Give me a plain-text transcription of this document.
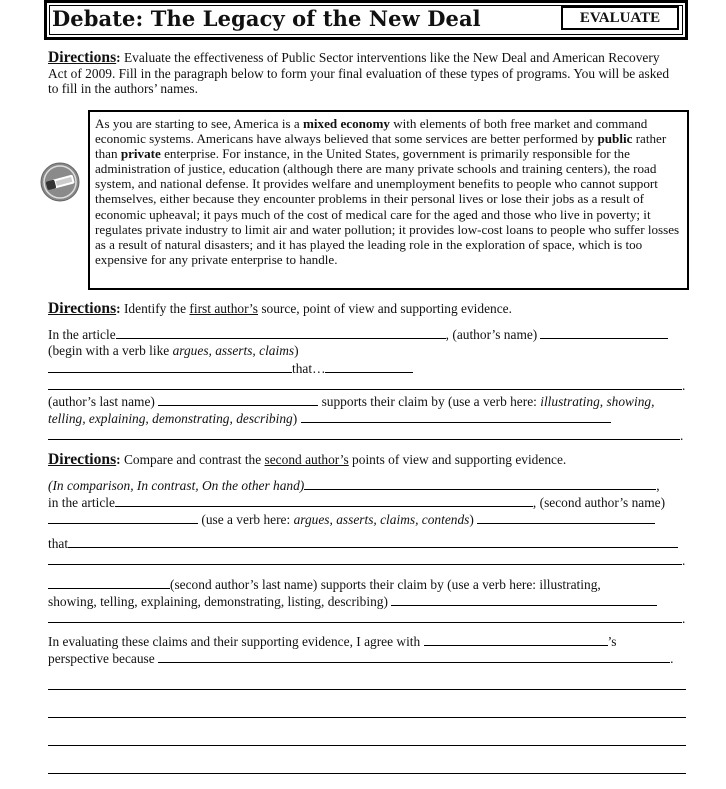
Debate: The Legacy of the New Deal	EVALUATE

Directions: Evaluate the effectiveness of Public Sector interventions like the New Deal and American Recovery Act of 2009. Fill in the paragraph below to form your final evaluation of these types of programs. You will be asked to fill in the authors’ names.

As you are starting to see, America is a mixed economy with elements of both free market and command economic systems. Americans have always believed that some services are better performed by public rather than private enterprise. For instance, in the United States, government is primarily responsible for the administration of justice, education (although there are many private schools and training centers), the road system, and national defense. It provides welfare and unemployment benefits to people who cannot support themselves, either because they encounter problems in their personal lives or lose their jobs as a result of economic upheaval; it pays much of the cost of medical care for the aged and those who live in poverty; it regulates private industry to limit air and water pollution; it provides low-cost loans to people who suffer losses as a result of natural disasters; and it has played the leading role in the exploration of space, which is too expensive for any private enterprise to handle.
Directions: Identify the first author’s source, point of view and supporting evidence.
In the article	, (author’s name)
(begin with a verb like argues, asserts, claims)
that…
.
(author’s last name)	supports their claim by (use a verb here: illustrating, showing,
telling, explaining, demonstrating, describing)
.
Directions: Compare and contrast the second author’s points of view and supporting evidence.
(In comparison, In contrast, On the other hand)	,
in the article	, (second author’s name)
(use a verb here: argues, asserts, claims, contends)
that
.
(second author’s last name) supports their claim by (use a verb here: illustrating,
showing, telling, explaining, demonstrating, listing, describing)
.
In evaluating these claims and their supporting evidence, I agree with	’s
perspective because	.
